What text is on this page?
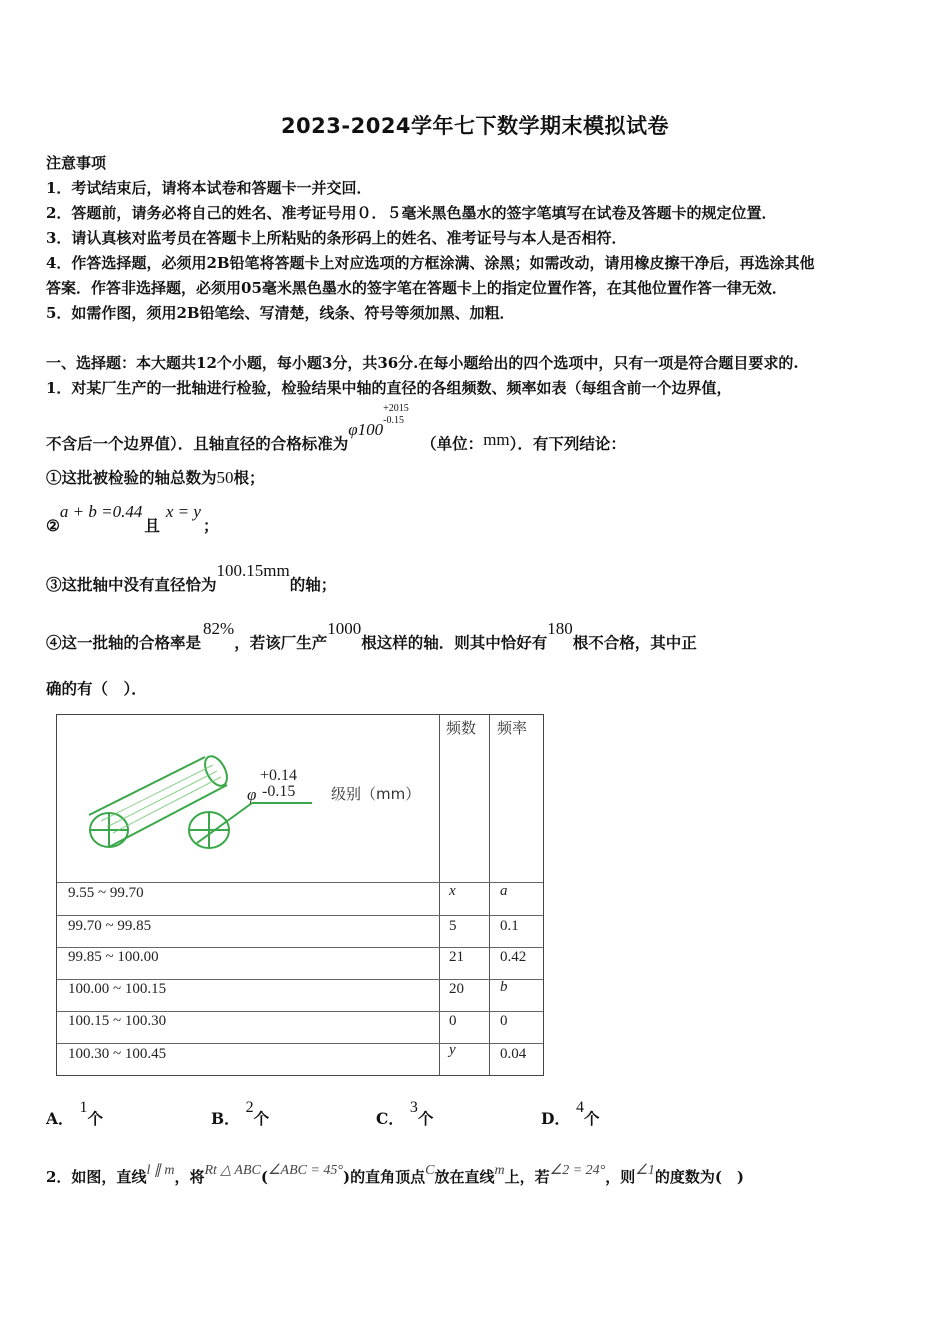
2023-2024学年七下数学期末模拟试卷
注意事项
1．考试结束后，请将本试卷和答题卡一并交回．
2．答题前，请务必将自己的姓名、准考证号用０．５毫米黑色墨水的签字笔填写在试卷及答题卡的规定位置．
3．请认真核对监考员在答题卡上所粘贴的条形码上的姓名、准考证号与本人是否相符．
4．作答选择题，必须用2B铅笔将答题卡上对应选项的方框涂满、涂黑；如需改动，请用橡皮擦干净后，再选涂其他
答案．作答非选择题，必须用05毫米黑色墨水的签字笔在答题卡上的指定位置作答，在其他位置作答一律无效．
5．如需作图，须用2B铅笔绘、写清楚，线条、符号等须加黑、加粗．
一、选择题：本大题共12个小题，每小题3分，共36分.在每小题给出的四个选项中，只有一项是符合题目要求的.
1．对某厂生产的一批轴进行检验，检验结果中轴的直径的各组频数、频率如表（每组含前一个边界值，
不含后一个边界值）．且轴直径的合格标准为φ100
+2015
-0.15
（单位：mm）．有下列结论：
①这批被检验的轴总数为50根；
②a + b =0.44且x = y；
③这批轴中没有直径恰为100.15mm的轴；
④这一批轴的合格率是82%，若该厂生产1000根这样的轴．则其中恰好有180根不合格，其中正
确的有（　）．
φ
+0.14
-0.15 级别（mm）
频数 频率
9.55 ~ 99.70	x	a
99.70 ~ 99.85	5	0.1
99.85 ~ 100.00	21 0.42
100.00 ~ 100.15	20 b
100.15 ~ 100.30	0	0
100.30 ~ 100.45	y	0.04
A．1个	B．2个	C．3个	D．4个
2．如图，直线l ∥ m，将Rt △ ABC(∠ABC = 45°)的直角顶点C放在直线m上，若∠2 = 24°，则∠1的度数为(　)
